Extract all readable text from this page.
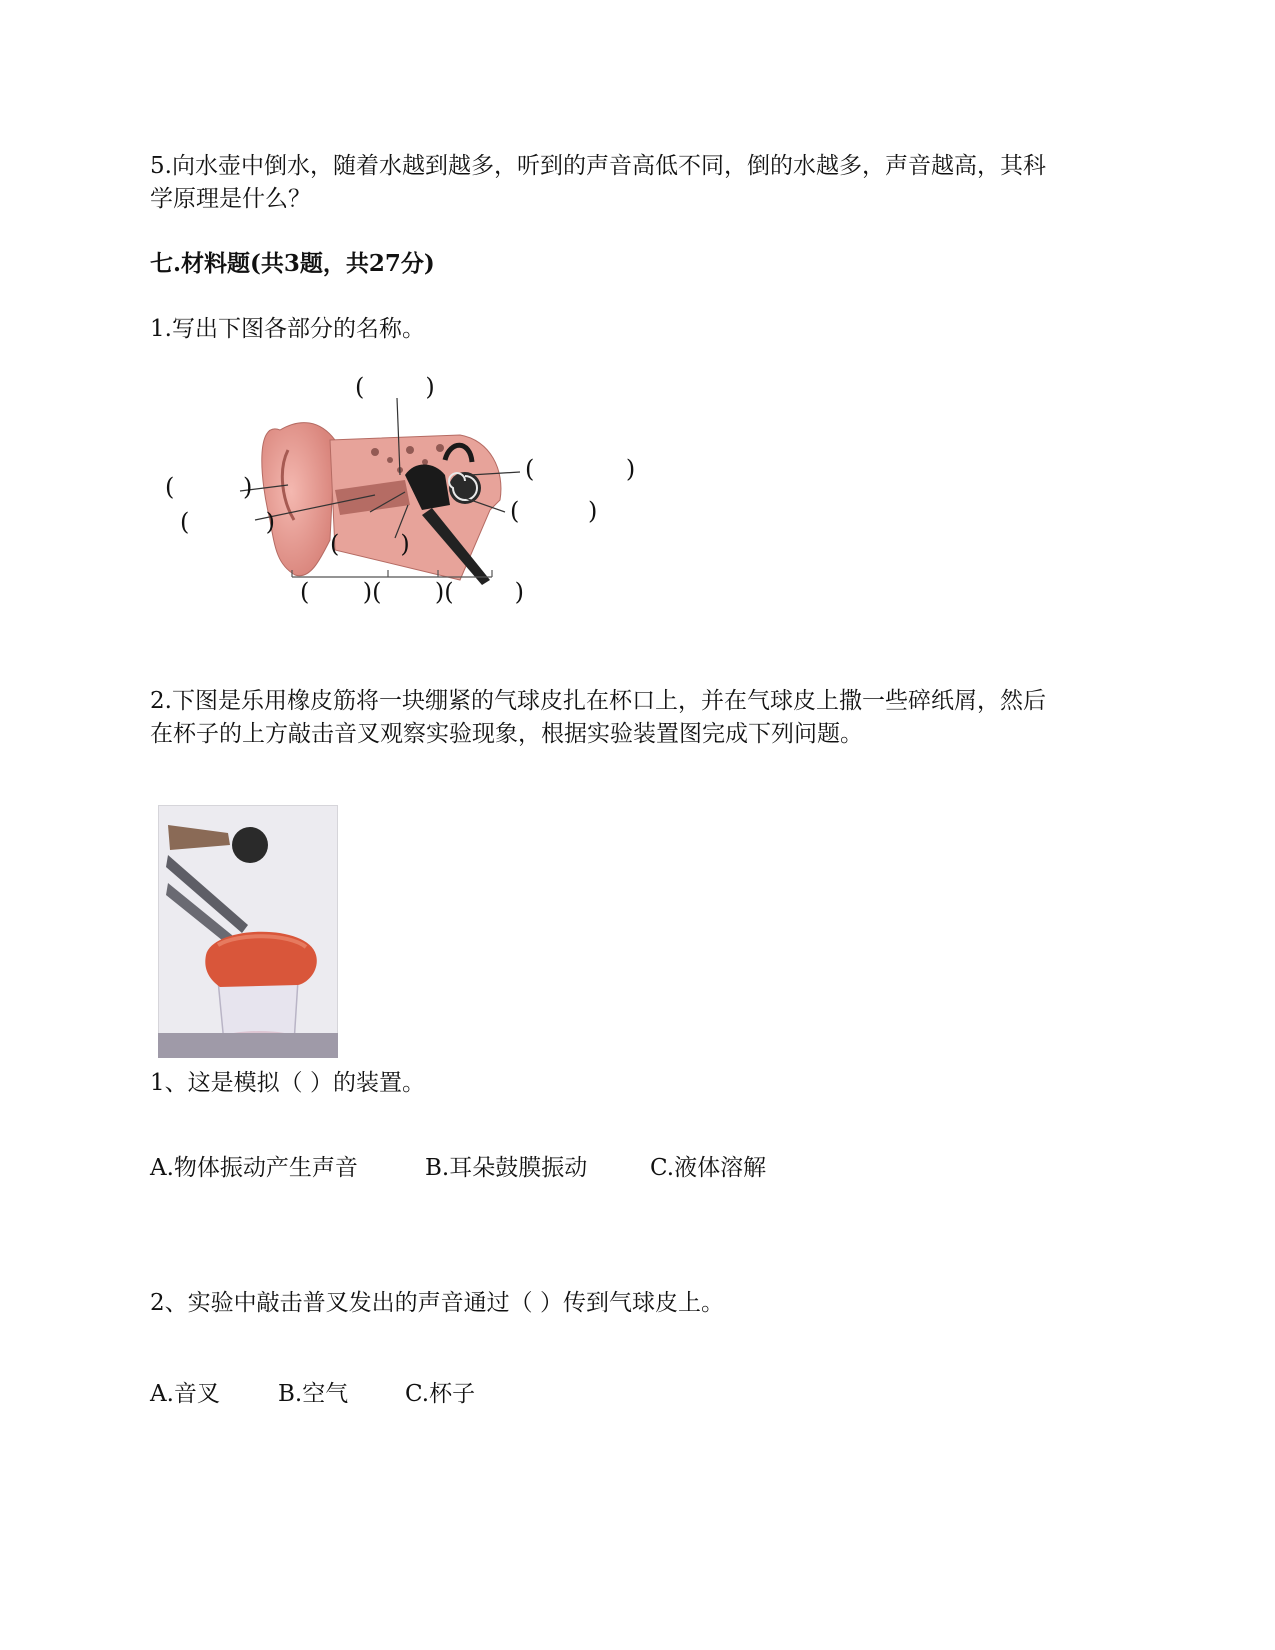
5.向水壶中倒水，随着水越到越多，听到的声音高低不同，倒的水越多，声音越高，其科
学原理是什么？
七.材料题(共3题，共27分)
1.写出下图各部分的名称。
(        )
(            )
(         )
(         )
(          )
(        )
(       )(       )(        )
2.下图是乐用橡皮筋将一块绷紧的气球皮扎在杯口上，并在气球皮上撒一些碎纸屑，然后
在杯子的上方敲击音叉观察实验现象，根据实验装置图完成下列问题。
1、这是模拟（ ）的装置。
A.物体振动产生声音	B.耳朵鼓膜振动	C.液体溶解
2、实验中敲击普叉发出的声音通过（ ）传到气球皮上。
A.音叉	B.空气 C.杯子
